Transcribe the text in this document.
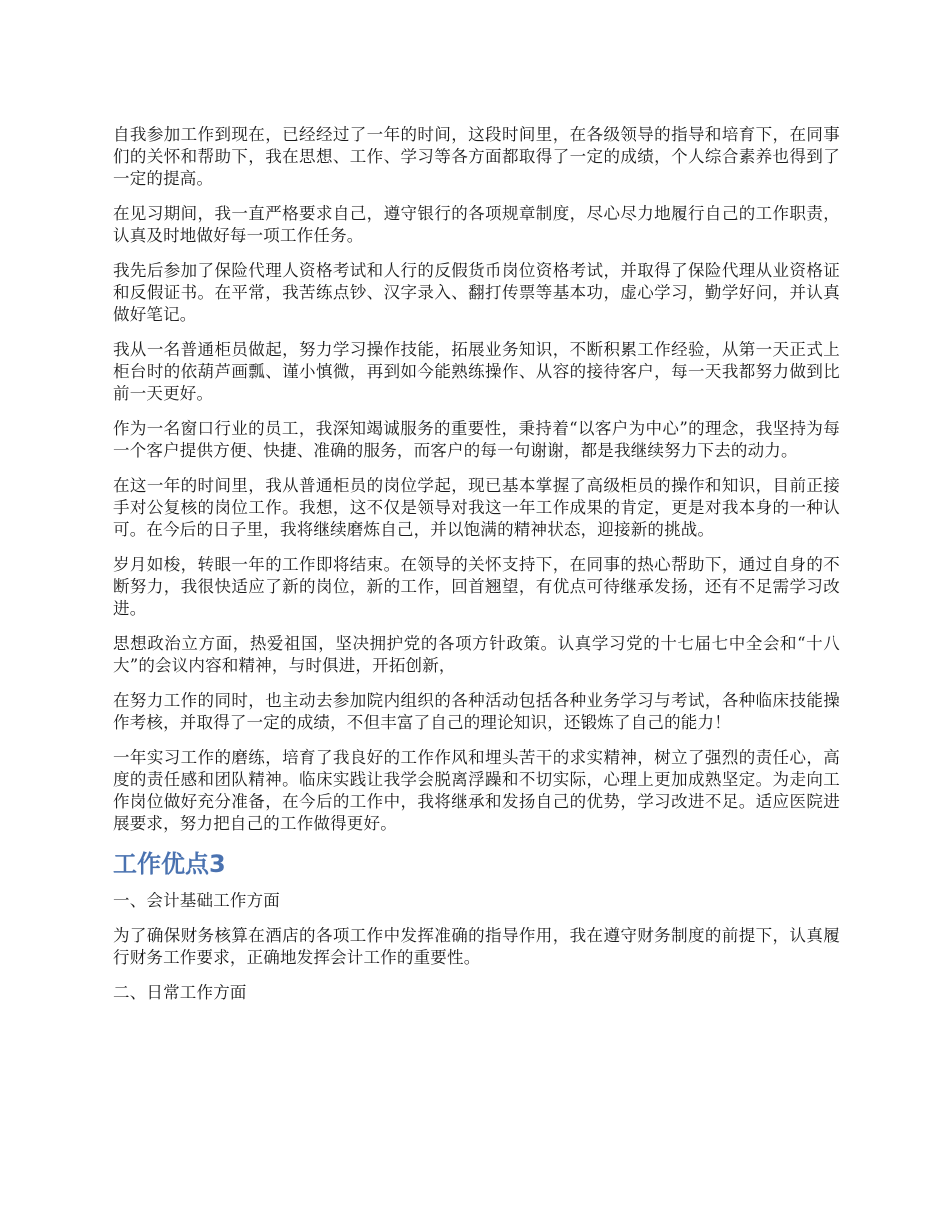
自我参加工作到现在，已经经过了一年的时间，这段时间里，在各级领导的指导和培育下，在同事们的关怀和帮助下，我在思想、工作、学习等各方面都取得了一定的成绩，个人综合素养也得到了一定的提高。

在见习期间，我一直严格要求自己，遵守银行的各项规章制度，尽心尽力地履行自己的工作职责，认真及时地做好每一项工作任务。

我先后参加了保险代理人资格考试和人行的反假货币岗位资格考试，并取得了保险代理从业资格证和反假证书。在平常，我苦练点钞、汉字录入、翻打传票等基本功，虚心学习，勤学好问，并认真做好笔记。

我从一名普通柜员做起，努力学习操作技能，拓展业务知识，不断积累工作经验，从第一天正式上柜台时的依葫芦画瓢、谨小慎微，再到如今能熟练操作、从容的接待客户，每一天我都努力做到比前一天更好。

作为一名窗口行业的员工，我深知竭诚服务的重要性，秉持着“以客户为中心”的理念，我坚持为每一个客户提供方便、快捷、准确的服务，而客户的每一句谢谢，都是我继续努力下去的动力。

在这一年的时间里，我从普通柜员的岗位学起，现已基本掌握了高级柜员的操作和知识，目前正接手对公复核的岗位工作。我想，这不仅是领导对我这一年工作成果的肯定，更是对我本身的一种认可。在今后的日子里，我将继续磨炼自己，并以饱满的精神状态，迎接新的挑战。

岁月如梭，转眼一年的工作即将结束。在领导的关怀支持下，在同事的热心帮助下，通过自身的不断努力，我很快适应了新的岗位，新的工作，回首翘望，有优点可待继承发扬，还有不足需学习改进。

思想政治立方面，热爱祖国，坚决拥护党的各项方针政策。认真学习党的十七届七中全会和“十八大”的会议内容和精神，与时俱进，开拓创新，

在努力工作的同时，也主动去参加院内组织的各种活动包括各种业务学习与考试，各种临床技能操作考核，并取得了一定的成绩，不但丰富了自己的理论知识，还锻炼了自己的能力！

一年实习工作的磨练，培育了我良好的工作作风和埋头苦干的求实精神，树立了强烈的责任心，高度的责任感和团队精神。临床实践让我学会脱离浮躁和不切实际，心理上更加成熟坚定。为走向工作岗位做好充分准备，在今后的工作中，我将继承和发扬自己的优势，学习改进不足。适应医院进展要求，努力把自己的工作做得更好。

工作优点3

一、会计基础工作方面

为了确保财务核算在酒店的各项工作中发挥准确的指导作用，我在遵守财务制度的前提下，认真履行财务工作要求，正确地发挥会计工作的重要性。

二、日常工作方面
